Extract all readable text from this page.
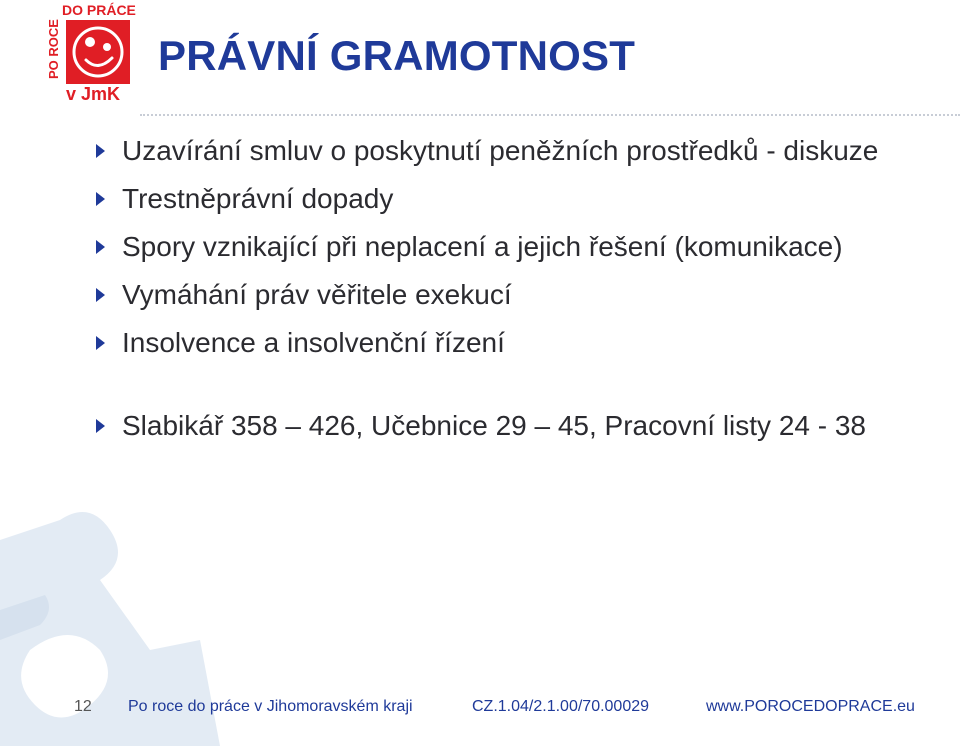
DO PRÁCE
PO ROCE
v JmK
PRÁVNÍ GRAMOTNOST
Uzavírání smluv o poskytnutí peněžních prostředků - diskuze
Trestněprávní dopady
Spory vznikající při neplacení a jejich řešení (komunikace)
Vymáhání práv věřitele exekucí
Insolvence a insolvenční řízení
Slabikář 358 – 426, Učebnice 29 – 45, Pracovní listy 24 - 38
12 Po roce do práce v Jihomoravském kraji	CZ.1.04/2.1.00/70.00029	www.POROCEDOPRACE.eu
